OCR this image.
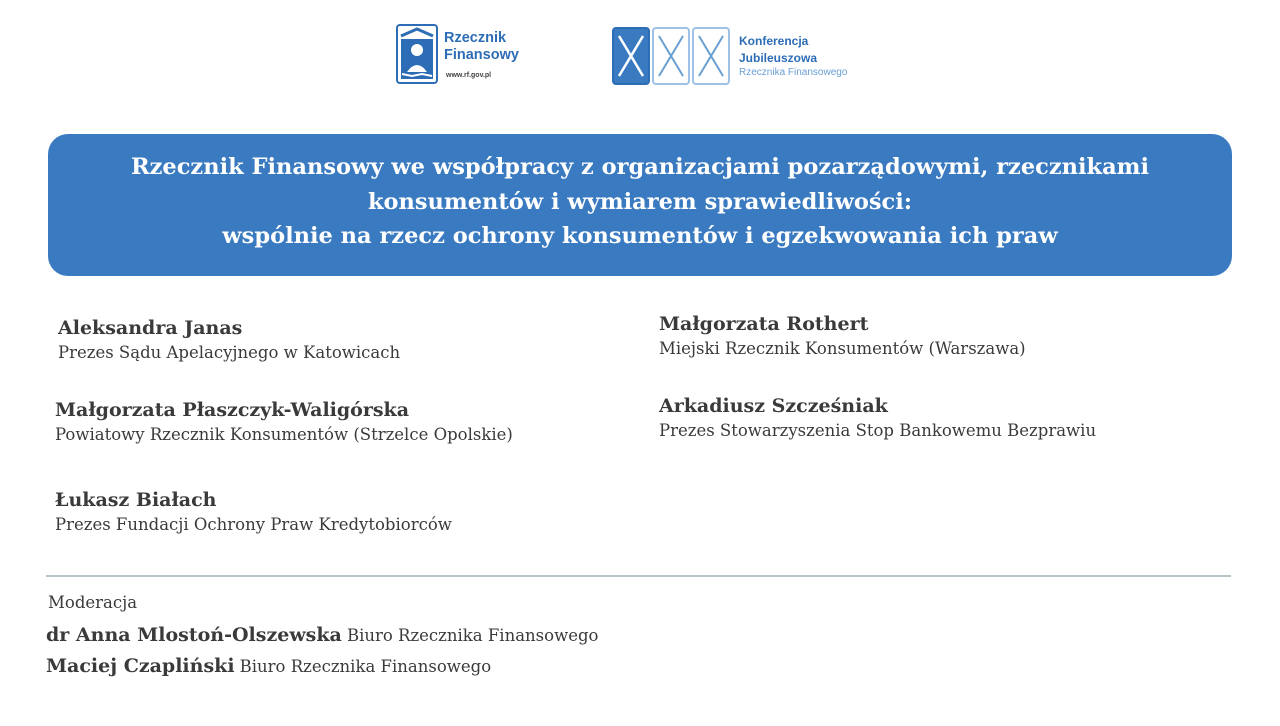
Rzecznik
Finansowy
www.rf.gov.pl
Konferencja
Jubileuszowa
Rzecznika Finansowego
Rzecznik Finansowy we współpracy z organizacjami pozarządowymi, rzecznikami
konsumentów i wymiarem sprawiedliwości:
wspólnie na rzecz ochrony konsumentów i egzekwowania ich praw
Aleksandra Janas
Prezes Sądu Apelacyjnego w Katowicach
Małgorzata Płaszczyk-Waligórska
Powiatowy Rzecznik Konsumentów (Strzelce Opolskie)
Łukasz Białach
Prezes Fundacji Ochrony Praw Kredytobiorców
Małgorzata Rothert
Miejski Rzecznik Konsumentów (Warszawa)
Arkadiusz Szcześniak
Prezes Stowarzyszenia Stop Bankowemu Bezprawiu
Moderacja
dr Anna Mlostoń-Olszewska Biuro Rzecznika Finansowego
Maciej Czapliński Biuro Rzecznika Finansowego
